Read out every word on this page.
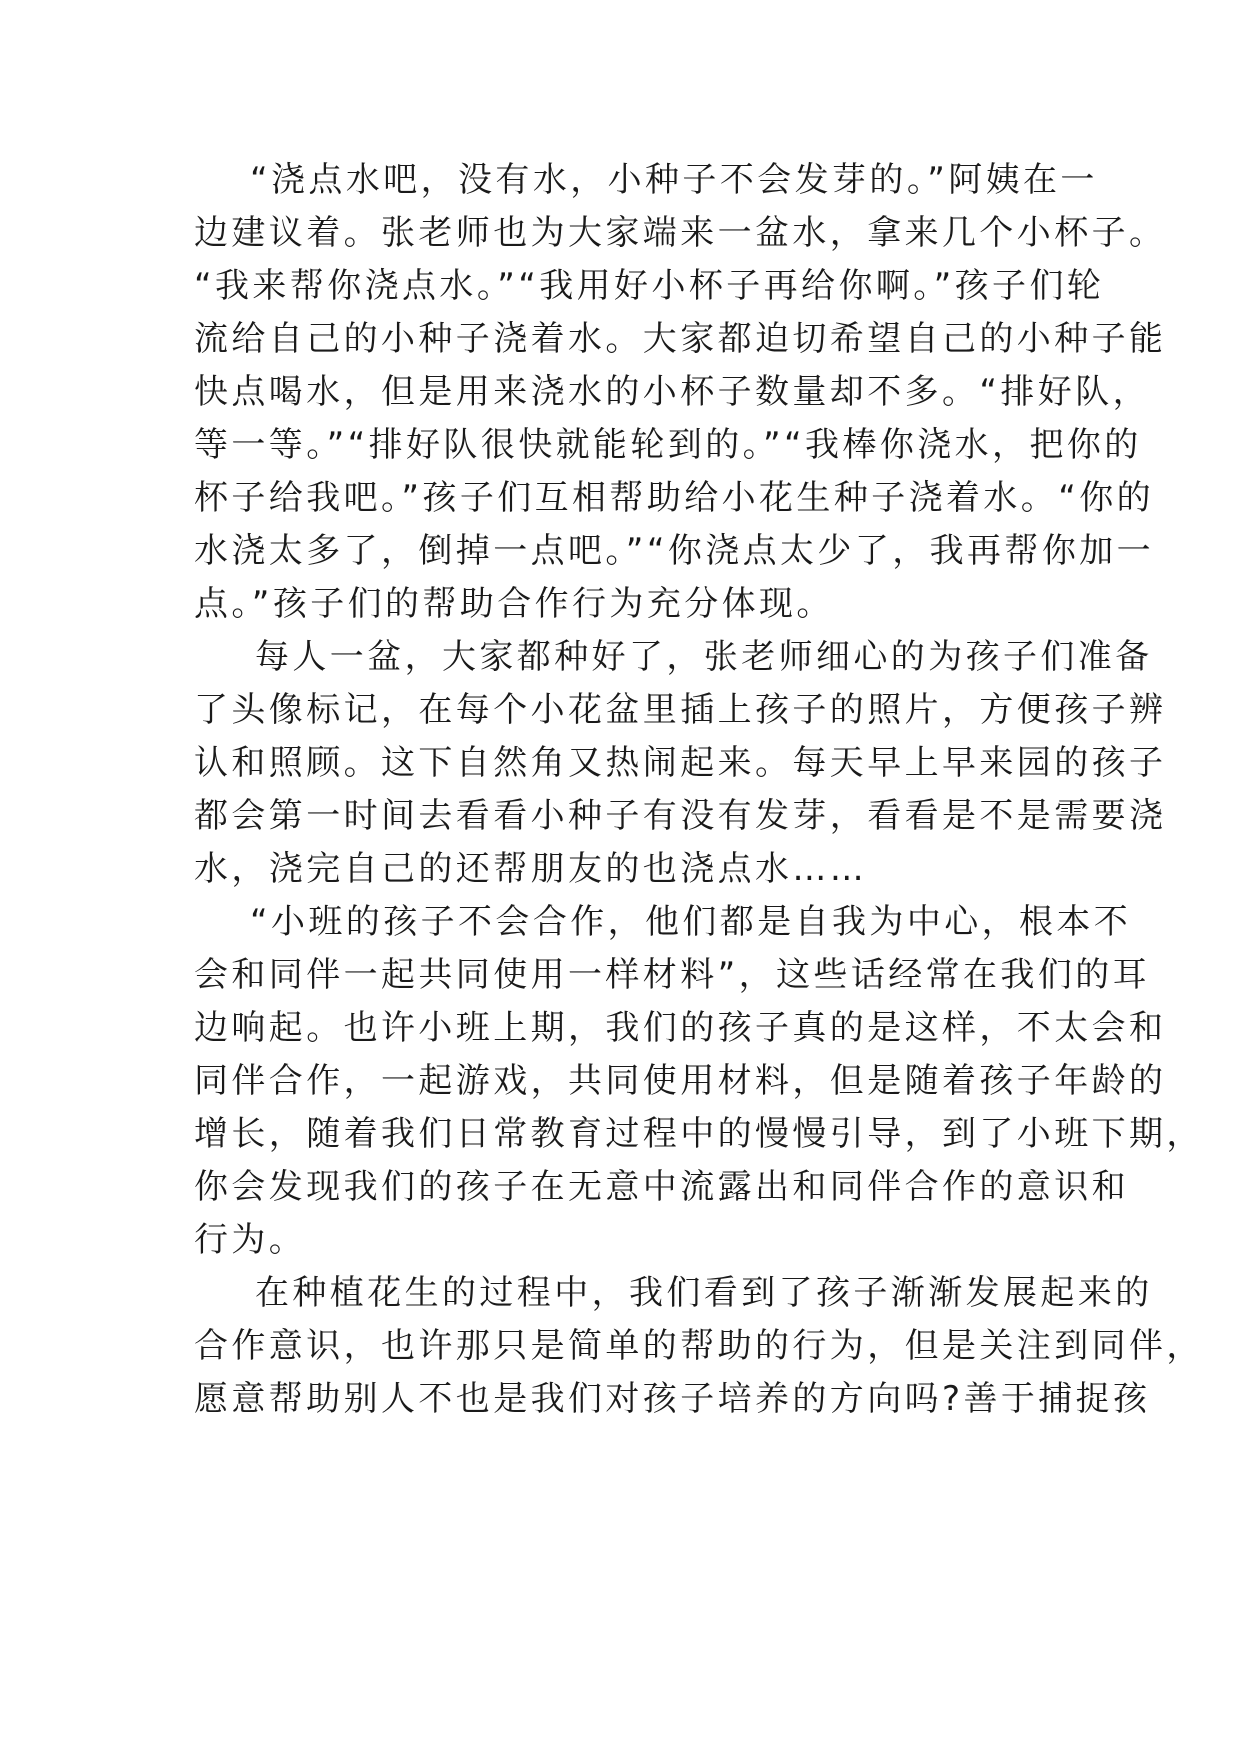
“浇点水吧，没有水，小种子不会发芽的。”阿姨在一
边建议着。张老师也为大家端来一盆水，拿来几个小杯子。
“我来帮你浇点水。”“我用好小杯子再给你啊。”孩子们轮
流给自己的小种子浇着水。大家都迫切希望自己的小种子能
快点喝水，但是用来浇水的小杯子数量却不多。“排好队，
等一等。”“排好队很快就能轮到的。”“我棒你浇水，把你的
杯子给我吧。”孩子们互相帮助给小花生种子浇着水。“你的
水浇太多了，倒掉一点吧。”“你浇点太少了，我再帮你加一
点。”孩子们的帮助合作行为充分体现。
每人一盆，大家都种好了，张老师细心的为孩子们准备
了头像标记，在每个小花盆里插上孩子的照片，方便孩子辨
认和照顾。这下自然角又热闹起来。每天早上早来园的孩子
都会第一时间去看看小种子有没有发芽，看看是不是需要浇
水，浇完自己的还帮朋友的也浇点水……
“小班的孩子不会合作，他们都是自我为中心，根本不
会和同伴一起共同使用一样材料”，这些话经常在我们的耳
边响起。也许小班上期，我们的孩子真的是这样，不太会和
同伴合作，一起游戏，共同使用材料，但是随着孩子年龄的
增长，随着我们日常教育过程中的慢慢引导，到了小班下期，
你会发现我们的孩子在无意中流露出和同伴合作的意识和
行为。
在种植花生的过程中，我们看到了孩子渐渐发展起来的
合作意识，也许那只是简单的帮助的行为，但是关注到同伴，
愿意帮助别人不也是我们对孩子培养的方向吗?善于捕捉孩
